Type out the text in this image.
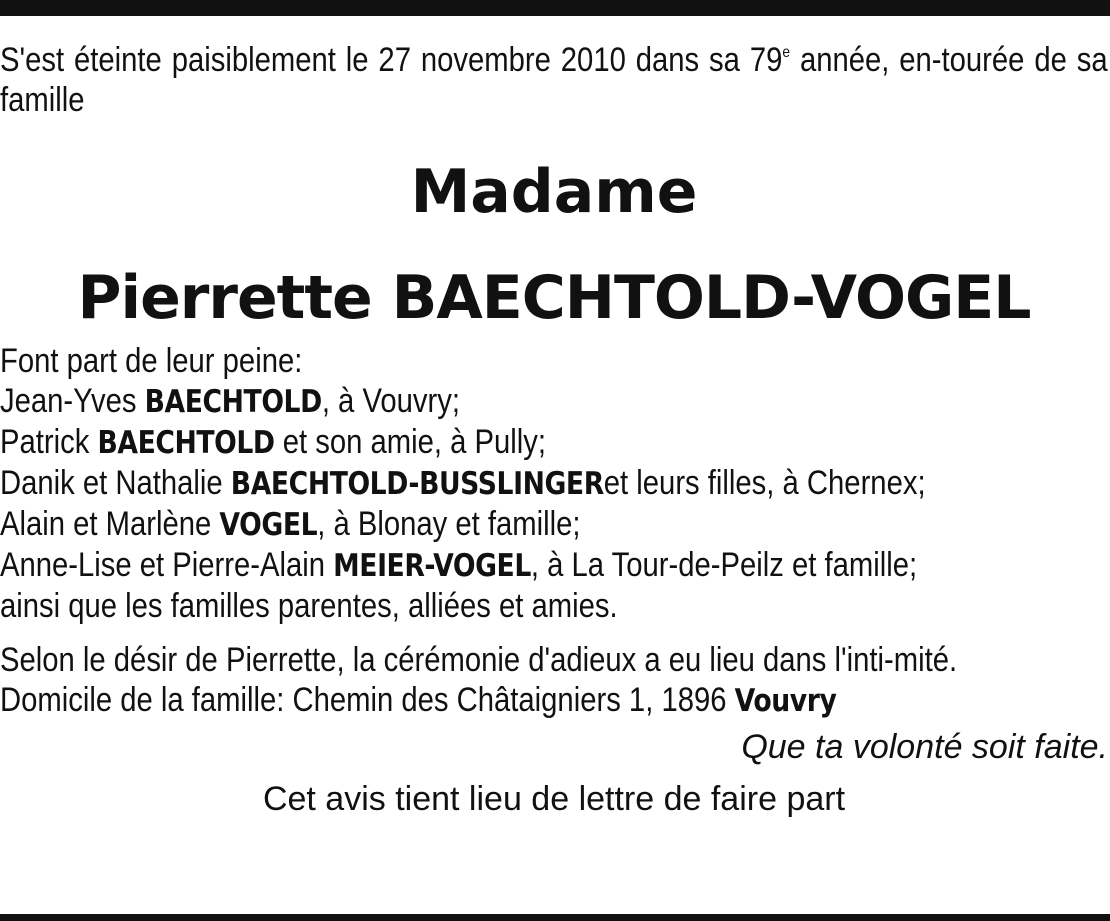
S'est éteinte paisiblement le 27 novembre 2010 dans sa 79e année, en-tourée de sa famille

Madame
Pierrette BAECHTOLD-VOGEL
Font part de leur peine:
Jean-Yves BAECHTOLD, à Vouvry;
Patrick BAECHTOLD et son amie, à Pully;
Danik et Nathalie BAECHTOLD-BUSSLINGERet leurs filles, à Chernex;
Alain et Marlène VOGEL, à Blonay et famille;
Anne-Lise et Pierre-Alain MEIER-VOGEL, à La Tour-de-Peilz et famille;
ainsi que les familles parentes, alliées et amies.

Selon le désir de Pierrette, la cérémonie d'adieux a eu lieu dans l'inti-mité.

Domicile de la famille: Chemin des Châtaigniers 1, 1896 Vouvry

Que ta volonté soit faite.

Cet avis tient lieu de lettre de faire part
